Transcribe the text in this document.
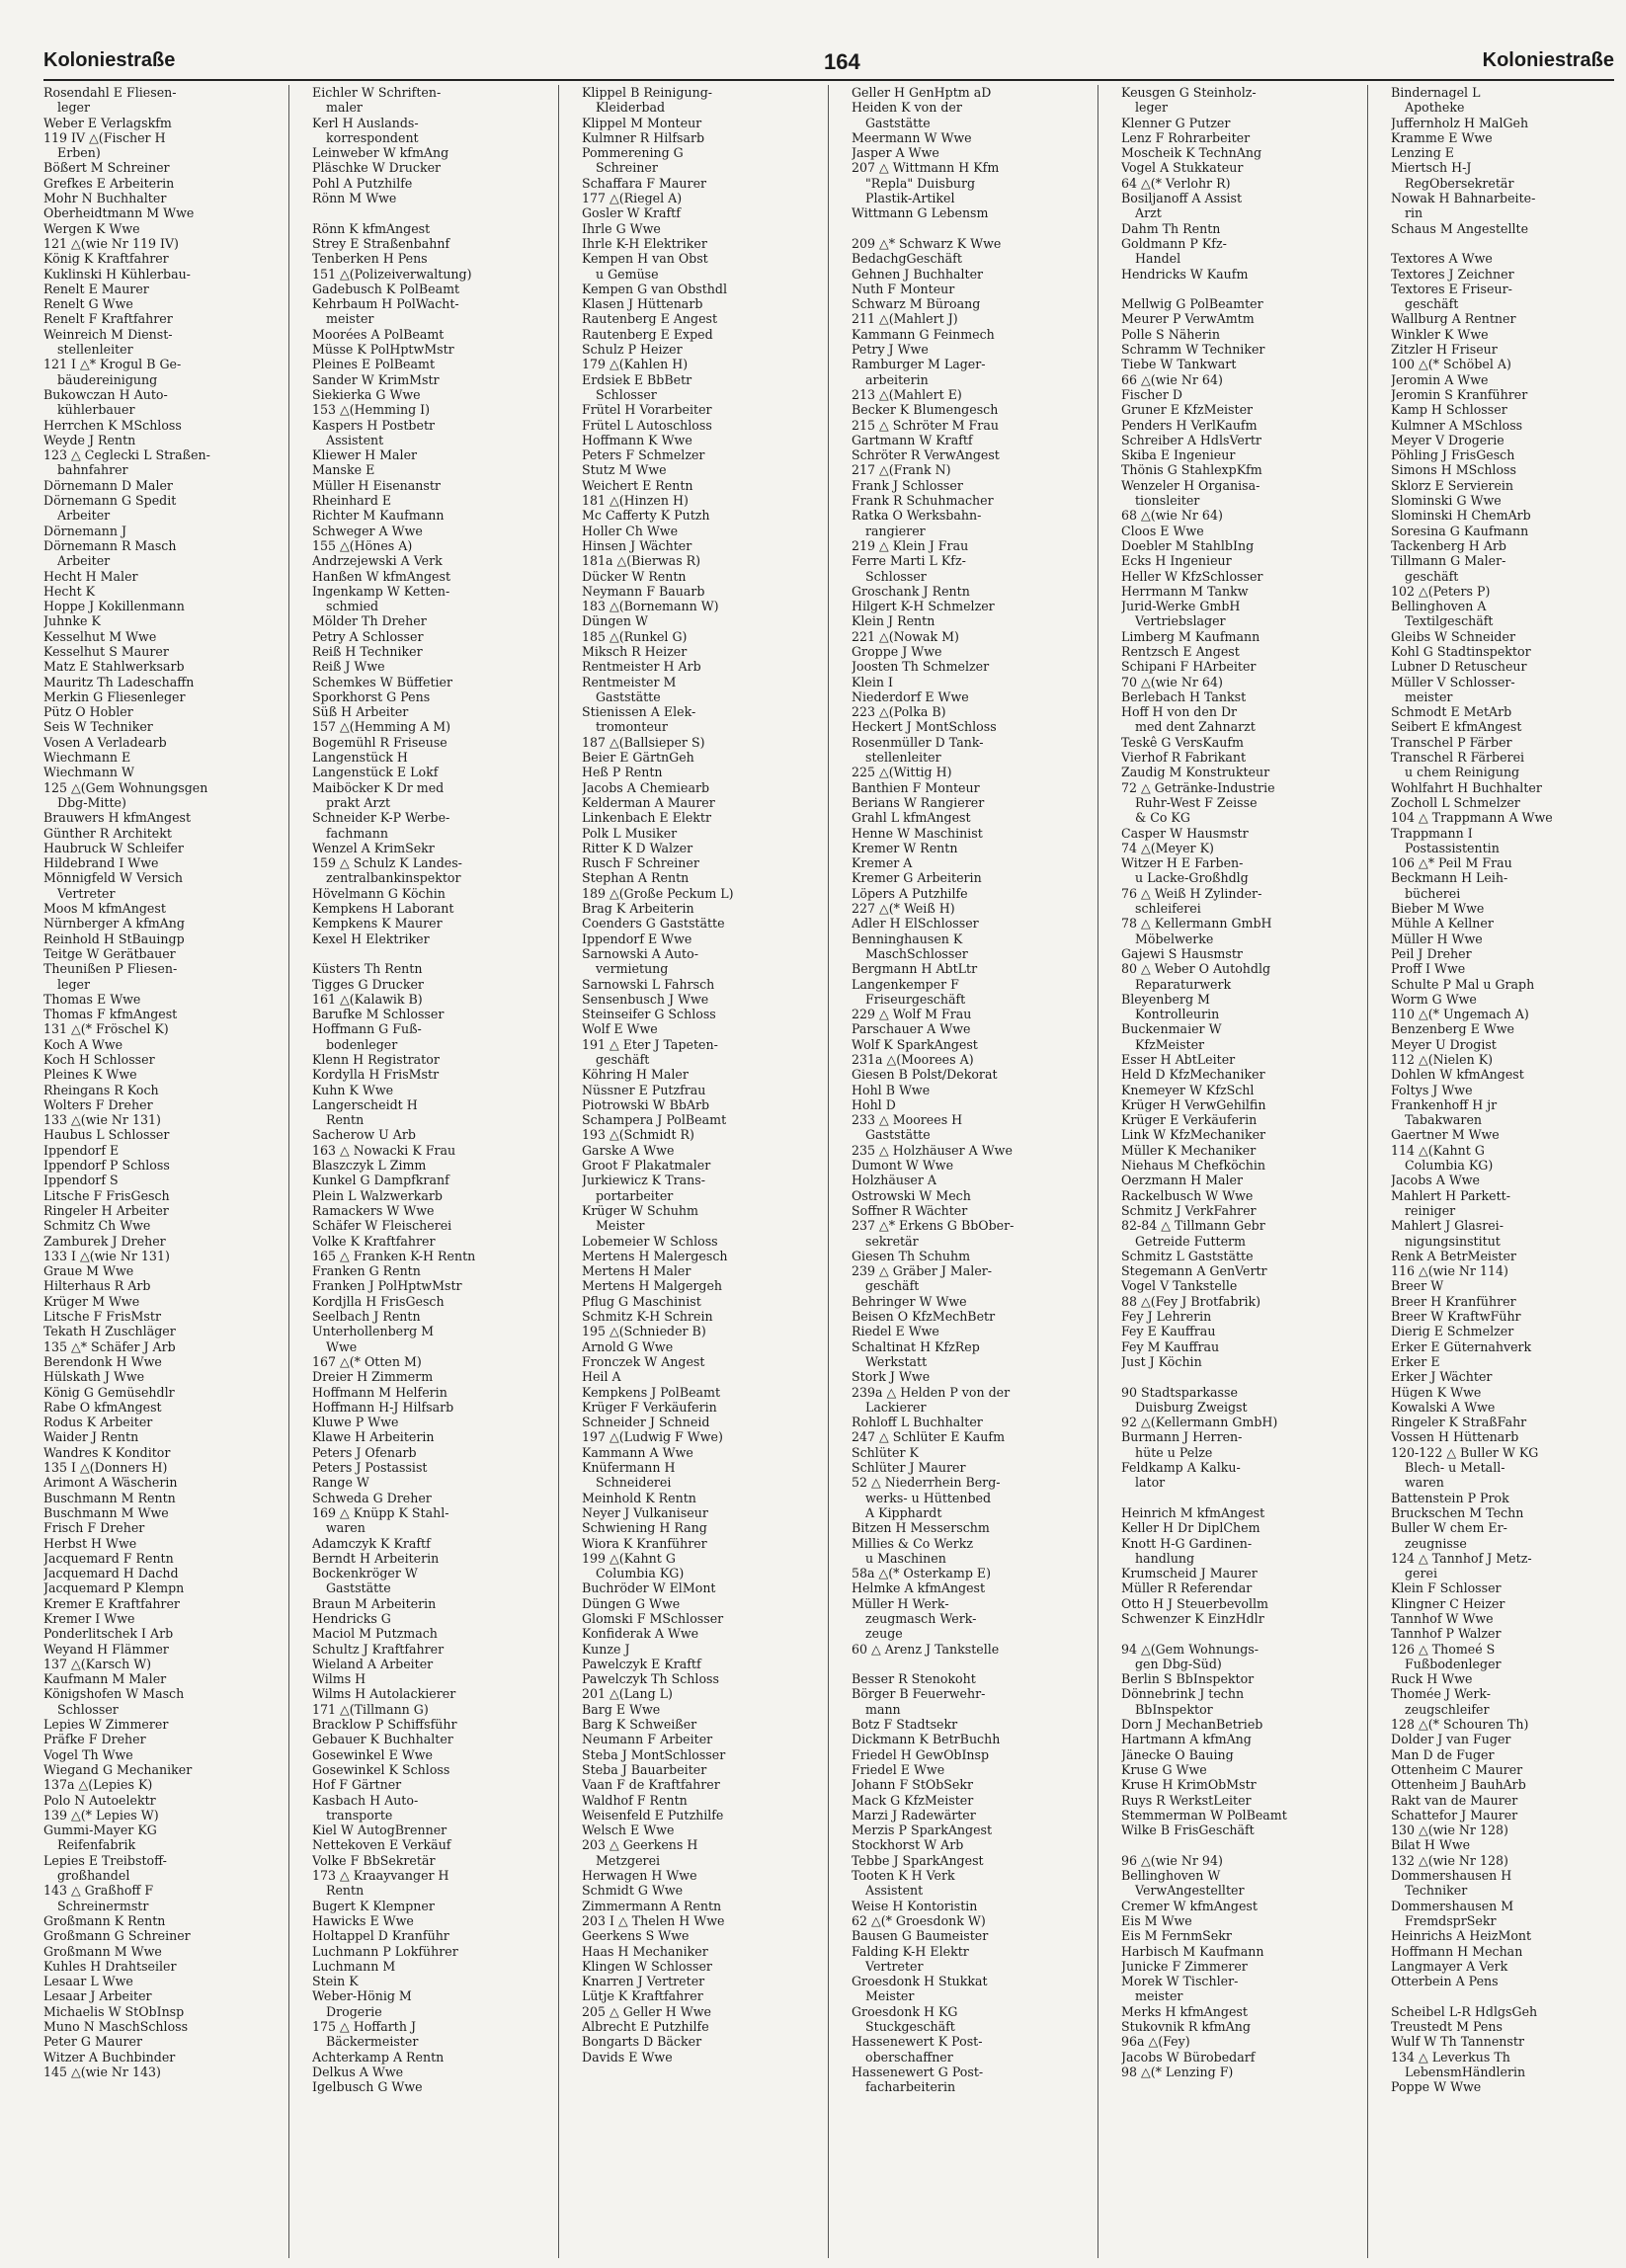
Koloniestraße	164	Koloniestraße
Rosendahl E Fliesen-
leger
Weber E Verlagskfm
119 IV △(Fischer H
Erben)
Bößert M Schreiner
Grefkes E Arbeiterin
Mohr N Buchhalter
Oberheidtmann M Wwe
Wergen K Wwe
121 △(wie Nr 119 IV)
König K Kraftfahrer
Kuklinski H Kühlerbau-
Renelt E Maurer
Renelt G Wwe
Renelt F Kraftfahrer
Weinreich M Dienst-
stellenleiter
121 I △* Krogul B Ge-
bäudereinigung
Bukowczan H Auto-
kühlerbauer
Herrchen K MSchloss
Weyde J Rentn
123 △ Ceglecki L Straßen-
bahnfahrer
Dörnemann D Maler
Dörnemann G Spedit
Arbeiter
Dörnemann J
Dörnemann R Masch
Arbeiter
Hecht H Maler
Hecht K
Hoppe J Kokillenmann
Juhnke K
Kesselhut M Wwe
Kesselhut S Maurer
Matz E Stahlwerksarb
Mauritz Th Ladeschaffn
Merkin G Fliesenleger
Pütz O Hobler
Seis W Techniker
Vosen A Verladearb
Wiechmann E
Wiechmann W
125 △(Gem Wohnungsgen
Dbg-Mitte)
Brauwers H kfmAngest
Günther R Architekt
Haubruck W Schleifer
Hildebrand I Wwe
Mönnigfeld W Versich
Vertreter
Moos M kfmAngest
Nürnberger A kfmAng
Reinhold H StBauingp
Teitge W Gerätbauer
Theunißen P Fliesen-
leger
Thomas E Wwe
Thomas F kfmAngest
131 △(* Fröschel K)
Koch A Wwe
Koch H Schlosser
Pleines K Wwe
Rheingans R Koch
Wolters F Dreher
133 △(wie Nr 131)
Haubus L Schlosser
Ippendorf E
Ippendorf P Schloss
Ippendorf S
Litsche F FrisGesch
Ringeler H Arbeiter
Schmitz Ch Wwe
Zamburek J Dreher
133 I △(wie Nr 131)
Graue M Wwe
Hilterhaus R Arb
Krüger M Wwe
Litsche F FrisMstr
Tekath H Zuschläger
135 △* Schäfer J Arb
Berendonk H Wwe
Hülskath J Wwe
König G Gemüsehdlr
Rabe O kfmAngest
Rodus K Arbeiter
Waider J Rentn
Wandres K Konditor
135 I △(Donners H)
Arimont A Wäscherin
Buschmann M Rentn
Buschmann M Wwe
Frisch F Dreher
Herbst H Wwe
Jacquemard F Rentn
Jacquemard H Dachd
Jacquemard P Klempn
Kremer E Kraftfahrer
Kremer I Wwe
Ponderlitschek I Arb
Weyand H Flämmer
137 △(Karsch W)
Kaufmann M Maler
Königshofen W Masch
Schlosser
Lepies W Zimmerer
Präfke F Dreher
Vogel Th Wwe
Wiegand G Mechaniker
137a △(Lepies K)
Polo N Autoelektr
139 △(* Lepies W)
Gummi-Mayer KG
Reifenfabrik
Lepies E Treibstoff-
großhandel
143 △ Graßhoff F
Schreinermstr
Großmann K Rentn
Großmann G Schreiner
Großmann M Wwe
Kuhles H Drahtseiler
Lesaar L Wwe
Lesaar J Arbeiter
Michaelis W StObInsp
Muno N MaschSchloss
Peter G Maurer
Witzer A Buchbinder
145 △(wie Nr 143)
Eichler W Schriften-
maler
Kerl H Auslands-
korrespondent
Leinweber W kfmAng
Pläschke W Drucker
Pohl A Putzhilfe
Rönn M Wwe
Rönn K kfmAngest
Strey E Straßenbahnf
Tenberken H Pens
151 △(Polizeiverwaltung)
Gadebusch K PolBeamt
Kehrbaum H PolWacht-
meister
Moorées A PolBeamt
Müsse K PolHptwMstr
Pleines E PolBeamt
Sander W KrimMstr
Siekierka G Wwe
153 △(Hemming I)
Kaspers H Postbetr
Assistent
Kliewer H Maler
Manske E
Müller H Eisenanstr
Rheinhard E
Richter M Kaufmann
Schweger A Wwe
155 △(Hönes A)
Andrzejewski A Verk
Hanßen W kfmAngest
Ingenkamp W Ketten-
schmied
Mölder Th Dreher
Petry A Schlosser
Reiß H Techniker
Reiß J Wwe
Schemkes W Büffetier
Sporkhorst G Pens
Süß H Arbeiter
157 △(Hemming A M)
Bogemühl R Friseuse
Langenstück H
Langenstück E Lokf
Maiböcker K Dr med
prakt Arzt
Schneider K-P Werbe-
fachmann
Wenzel A KrimSekr
159 △ Schulz K Landes-
zentralbankinspektor
Hövelmann G Köchin
Kempkens H Laborant
Kempkens K Maurer
Kexel H Elektriker
Küsters Th Rentn
Tigges G Drucker
161 △(Kalawik B)
Barufke M Schlosser
Hoffmann G Fuß-
bodenleger
Klenn H Registrator
Kordylla H FrisMstr
Kuhn K Wwe
Langerscheidt H
Rentn
Sacherow U Arb
163 △ Nowacki K Frau
Blaszczyk L Zimm
Kunkel G Dampfkranf
Plein L Walzwerkarb
Ramackers W Wwe
Schäfer W Fleischerei
Volke K Kraftfahrer
165 △ Franken K-H Rentn
Franken G Rentn
Franken J PolHptwMstr
Kordjlla H FrisGesch
Seelbach J Rentn
Unterhollenberg M
Wwe
167 △(* Otten M)
Dreier H Zimmerm
Hoffmann M Helferin
Hoffmann H-J Hilfsarb
Kluwe P Wwe
Klawe H Arbeiterin
Peters J Ofenarb
Peters J Postassist
Range W
Schweda G Dreher
169 △ Knüpp K Stahl-
waren
Adamczyk K Kraftf
Berndt H Arbeiterin
Bockenkröger W
Gaststätte
Braun M Arbeiterin
Hendricks G
Maciol M Putzmach
Schultz J Kraftfahrer
Wieland A Arbeiter
Wilms H
Wilms H Autolackierer
171 △(Tillmann G)
Bracklow P Schiffsführ
Gebauer K Buchhalter
Gosewinkel E Wwe
Gosewinkel K Schloss
Hof F Gärtner
Kasbach H Auto-
transporte
Kiel W AutogBrenner
Nettekoven E Verkäuf
Volke F BbSekretär
173 △ Kraayvanger H
Rentn
Bugert K Klempner
Hawicks E Wwe
Holtappel D Kranführ
Luchmann P Lokführer
Luchmann M
Stein K
Weber-Hönig M
Drogerie
175 △ Hoffarth J
Bäckermeister
Achterkamp A Rentn
Delkus A Wwe
Igelbusch G Wwe
Klippel B Reinigung-
Kleiderbad
Klippel M Monteur
Kulmner R Hilfsarb
Pommerening G
Schreiner
Schaffara F Maurer
177 △(Riegel A)
Gosler W Kraftf
Ihrle G Wwe
Ihrle K-H Elektriker
Kempen H van Obst
u Gemüse
Kempen G van Obsthdl
Klasen J Hüttenarb
Rautenberg E Angest
Rautenberg E Exped
Schulz P Heizer
179 △(Kahlen H)
Erdsiek E BbBetr
Schlosser
Frütel H Vorarbeiter
Frütel L Autoschloss
Hoffmann K Wwe
Peters F Schmelzer
Stutz M Wwe
Weichert E Rentn
181 △(Hinzen H)
Mc Cafferty K Putzh
Holler Ch Wwe
Hinsen J Wächter
181a △(Bierwas R)
Dücker W Rentn
Neymann F Bauarb
183 △(Bornemann W)
Düngen W
185 △(Runkel G)
Miksch R Heizer
Rentmeister H Arb
Rentmeister M
Gaststätte
Stienissen A Elek-
tromonteur
187 △(Ballsieper S)
Beier E GärtnGeh
Heß P Rentn
Jacobs A Chemiearb
Kelderman A Maurer
Linkenbach E Elektr
Polk L Musiker
Ritter K D Walzer
Rusch F Schreiner
Stephan A Rentn
189 △(Große Peckum L)
Brag K Arbeiterin
Coenders G Gaststätte
Ippendorf E Wwe
Sarnowski A Auto-
vermietung
Sarnowski L Fahrsch
Sensenbusch J Wwe
Steinseifer G Schloss
Wolf E Wwe
191 △ Eter J Tapeten-
geschäft
Köhring H Maler
Nüssner E Putzfrau
Piotrowski W BbArb
Schampera J PolBeamt
193 △(Schmidt R)
Garske A Wwe
Groot F Plakatmaler
Jurkiewicz K Trans-
portarbeiter
Krüger W Schuhm
Meister
Lobemeier W Schloss
Mertens H Malergesch
Mertens H Maler
Mertens H Malgergeh
Pflug G Maschinist
Schmitz K-H Schrein
195 △(Schnieder B)
Arnold G Wwe
Fronczek W Angest
Heil A
Kempkens J PolBeamt
Krüger F Verkäuferin
Schneider J Schneid
197 △(Ludwig F Wwe)
Kammann A Wwe
Knüfermann H
Schneiderei
Meinhold K Rentn
Neyer J Vulkaniseur
Schwiening H Rang
Wiora K Kranführer
199 △(Kahnt G
Columbia KG)
Buchröder W ElMont
Düngen G Wwe
Glomski F MSchlosser
Konfiderak A Wwe
Kunze J
Pawelczyk E Kraftf
Pawelczyk Th Schloss
201 △(Lang L)
Barg E Wwe
Barg K Schweißer
Neumann F Arbeiter
Steba J MontSchlosser
Steba J Bauarbeiter
Vaan F de Kraftfahrer
Waldhof F Rentn
Weisenfeld E Putzhilfe
Welsch E Wwe
203 △ Geerkens H
Metzgerei
Herwagen H Wwe
Schmidt G Wwe
Zimmermann A Rentn
203 I △ Thelen H Wwe
Geerkens S Wwe
Haas H Mechaniker
Klingen W Schlosser
Knarren J Vertreter
Lütje K Kraftfahrer
205 △ Geller H Wwe
Albrecht E Putzhilfe
Bongarts D Bäcker
Davids E Wwe
Geller H GenHptm aD
Heiden K von der
Gaststätte
Meermann W Wwe
Jasper A Wwe
207 △ Wittmann H Kfm
"Repla" Duisburg
Plastik-Artikel
Wittmann G Lebensm
209 △* Schwarz K Wwe
BedachgGeschäft
Gehnen J Buchhalter
Nuth F Monteur
Schwarz M Büroang
211 △(Mahlert J)
Kammann G Feinmech
Petry J Wwe
Ramburger M Lager-
arbeiterin
213 △(Mahlert E)
Becker K Blumengesch
215 △ Schröter M Frau
Gartmann W Kraftf
Schröter R VerwAngest
217 △(Frank N)
Frank J Schlosser
Frank R Schuhmacher
Ratka O Werksbahn-
rangierer
219 △ Klein J Frau
Ferre Marti L Kfz-
Schlosser
Groschank J Rentn
Hilgert K-H Schmelzer
Klein J Rentn
221 △(Nowak M)
Groppe J Wwe
Joosten Th Schmelzer
Klein I
Niederdorf E Wwe
223 △(Polka B)
Heckert J MontSchloss
Rosenmüller D Tank-
stellenleiter
225 △(Wittig H)
Banthien F Monteur
Berians W Rangierer
Grahl L kfmAngest
Henne W Maschinist
Kremer W Rentn
Kremer A
Kremer G Arbeiterin
Löpers A Putzhilfe
227 △(* Weiß H)
Adler H ElSchlosser
Benninghausen K
MaschSchlosser
Bergmann H AbtLtr
Langenkemper F
Friseurgeschäft
229 △ Wolf M Frau
Parschauer A Wwe
Wolf K SparkAngest
231a △(Moorees A)
Giesen B Polst/Dekorat
Hohl B Wwe
Hohl D
233 △ Moorees H
Gaststätte
235 △ Holzhäuser A Wwe
Dumont W Wwe
Holzhäuser A
Ostrowski W Mech
Soffner R Wächter
237 △* Erkens G BbOber-
sekretär
Giesen Th Schuhm
239 △ Gräber J Maler-
geschäft
Behringer W Wwe
Beisen O KfzMechBetr
Riedel E Wwe
Schaltinat H KfzRep
Werkstatt
Stork J Wwe
239a △ Helden P von der
Lackierer
Rohloff L Buchhalter
247 △ Schlüter E Kaufm
Schlüter K
Schlüter J Maurer
52 △ Niederrhein Berg-
werks- u Hüttenbed
A Kipphardt
Bitzen H Messerschm
Millies & Co Werkz
u Maschinen
58a △(* Osterkamp E)
Helmke A kfmAngest
Müller H Werk-
zeugmasch Werk-
zeuge
60 △ Arenz J Tankstelle
Besser R Stenokoht
Börger B Feuerwehr-
mann
Botz F Stadtsekr
Dickmann K BetrBuchh
Friedel H GewObInsp
Friedel E Wwe
Johann F StObSekr
Mack G KfzMeister
Marzi J Radewärter
Merzis P SparkAngest
Stockhorst W Arb
Tebbe J SparkAngest
Tooten K H Verk
Assistent
Weise H Kontoristin
62 △(* Groesdonk W)
Bausen G Baumeister
Falding K-H Elektr
Vertreter
Groesdonk H Stukkat
Meister
Groesdonk H KG
Stuckgeschäft
Hassenewert K Post-
oberschaffner
Hassenewert G Post-
facharbeiterin
Keusgen G Steinholz-
leger
Klenner G Putzer
Lenz F Rohrarbeiter
Moscheik K TechnAng
Vogel A Stukkateur
64 △(* Verlohr R)
Bosiljanoff A Assist
Arzt
Dahm Th Rentn
Goldmann P Kfz-
Handel
Hendricks W Kaufm
Mellwig G PolBeamter
Meurer P VerwAmtm
Polle S Näherin
Schramm W Techniker
Tiebe W Tankwart
66 △(wie Nr 64)
Fischer D
Gruner E KfzMeister
Penders H VerlKaufm
Schreiber A HdlsVertr
Skiba E Ingenieur
Thönis G StahlexpKfm
Wenzeler H Organisa-
tionsleiter
68 △(wie Nr 64)
Cloos E Wwe
Doebler M StahlbIng
Ecks H Ingenieur
Heller W KfzSchlosser
Herrmann M Tankw
Jurid-Werke GmbH
Vertriebslager
Limberg M Kaufmann
Rentzsch E Angest
Schipani F HArbeiter
70 △(wie Nr 64)
Berlebach H Tankst
Hoff H von den Dr
med dent Zahnarzt
Teskê G VersKaufm
Vierhof R Fabrikant
Zaudig M Konstrukteur
72 △ Getränke-Industrie
Ruhr-West F Zeisse
& Co KG
Casper W Hausmstr
74 △(Meyer K)
Witzer H E Farben-
u Lacke-Großhdlg
76 △ Weiß H Zylinder-
schleiferei
78 △ Kellermann GmbH
Möbelwerke
Gajewi S Hausmstr
80 △ Weber O Autohdlg
Reparaturwerk
Bleyenberg M
Kontrolleurin
Buckenmaier W
KfzMeister
Esser H AbtLeiter
Held D KfzMechaniker
Knemeyer W KfzSchl
Krüger H VerwGehilfin
Krüger E Verkäuferin
Link W KfzMechaniker
Müller K Mechaniker
Niehaus M Chefköchin
Oerzmann H Maler
Rackelbusch W Wwe
Schmitz J VerkFahrer
82-84 △ Tillmann Gebr
Getreide Futterm
Schmitz L Gaststätte
Stegemann A GenVertr
Vogel V Tankstelle
88 △(Fey J Brotfabrik)
Fey J Lehrerin
Fey E Kauffrau
Fey M Kauffrau
Just J Köchin
90 Stadtsparkasse
Duisburg Zweigst
92 △(Kellermann GmbH)
Burmann J Herren-
hüte u Pelze
Feldkamp A Kalku-
lator
Heinrich M kfmAngest
Keller H Dr DiplChem
Knott H-G Gardinen-
handlung
Krumscheid J Maurer
Müller R Referendar
Otto H J Steuerbevollm
Schwenzer K EinzHdlr
94 △(Gem Wohnungs-
gen Dbg-Süd)
Berlin S BbInspektor
Dönnebrink J techn
BbInspektor
Dorn J MechanBetrieb
Hartmann A kfmAng
Jänecke O Bauing
Kruse G Wwe
Kruse H KrimObMstr
Ruys R WerkstLeiter
Stemmerman W PolBeamt
Wilke B FrisGeschäft
96 △(wie Nr 94)
Bellinghoven W
VerwAngestellter
Cremer W kfmAngest
Eis M Wwe
Eis M FernmSekr
Harbisch M Kaufmann
Junicke F Zimmerer
Morek W Tischler-
meister
Merks H kfmAngest
Stukovnik R kfmAng
96a △(Fey)
Jacobs W Bürobedarf
98 △(* Lenzing F)
Bindernagel L
Apotheke
Juffernholz H MalGeh
Kramme E Wwe
Lenzing E
Miertsch H-J
RegObersekretär
Nowak H Bahnarbeite-
rin
Schaus M Angestellte
Textores A Wwe
Textores J Zeichner
Textores E Friseur-
geschäft
Wallburg A Rentner
Winkler K Wwe
Zitzler H Friseur
100 △(* Schöbel A)
Jeromin A Wwe
Jeromin S Kranführer
Kamp H Schlosser
Kulmner A MSchloss
Meyer V Drogerie
Pöhling J FrisGesch
Simons H MSchloss
Sklorz E Servierein
Slominski G Wwe
Slominski H ChemArb
Soresina G Kaufmann
Tackenberg H Arb
Tillmann G Maler-
geschäft
102 △(Peters P)
Bellinghoven A
Textilgeschäft
Gleibs W Schneider
Kohl G Stadtinspektor
Lubner D Retuscheur
Müller V Schlosser-
meister
Schmodt E MetArb
Seibert E kfmAngest
Transchel P Färber
Transchel R Färberei
u chem Reinigung
Wohlfahrt H Buchhalter
Zocholl L Schmelzer
104 △ Trappmann A Wwe
Trappmann I
Postassistentin
106 △* Peil M Frau
Beckmann H Leih-
bücherei
Bieber M Wwe
Mühle A Kellner
Müller H Wwe
Peil J Dreher
Proff I Wwe
Schulte P Mal u Graph
Worm G Wwe
110 △(* Ungemach A)
Benzenberg E Wwe
Meyer U Drogist
112 △(Nielen K)
Dohlen W kfmAngest
Foltys J Wwe
Frankenhoff H jr
Tabakwaren
Gaertner M Wwe
114 △(Kahnt G
Columbia KG)
Jacobs A Wwe
Mahlert H Parkett-
reiniger
Mahlert J Glasrei-
nigungsinstitut
Renk A BetrMeister
116 △(wie Nr 114)
Breer W
Breer H Kranführer
Breer W KraftwFühr
Dierig E Schmelzer
Erker E Güternahverk
Erker E
Erker J Wächter
Hügen K Wwe
Kowalski A Wwe
Ringeler K StraßFahr
Vossen H Hüttenarb
120-122 △ Buller W KG
Blech- u Metall-
waren
Battenstein P Prok
Bruckschen M Techn
Buller W chem Er-
zeugnisse
124 △ Tannhof J Metz-
gerei
Klein F Schlosser
Klingner C Heizer
Tannhof W Wwe
Tannhof P Walzer
126 △ Thomeé S
Fußbodenleger
Ruck H Wwe
Thomée J Werk-
zeugschleifer
128 △(* Schouren Th)
Dolder J van Fuger
Man D de Fuger
Ottenheim C Maurer
Ottenheim J BauhArb
Rakt van de Maurer
Schattefor J Maurer
130 △(wie Nr 128)
Bilat H Wwe
132 △(wie Nr 128)
Dommershausen H
Techniker
Dommershausen M
FremdsprSekr
Heinrichs A HeizMont
Hoffmann H Mechan
Langmayer A Verk
Otterbein A Pens
Scheibel L-R HdlgsGeh
Treustedt M Pens
Wulf W Th Tannenstr
134 △ Leverkus Th
LebensmHändlerin
Poppe W Wwe
